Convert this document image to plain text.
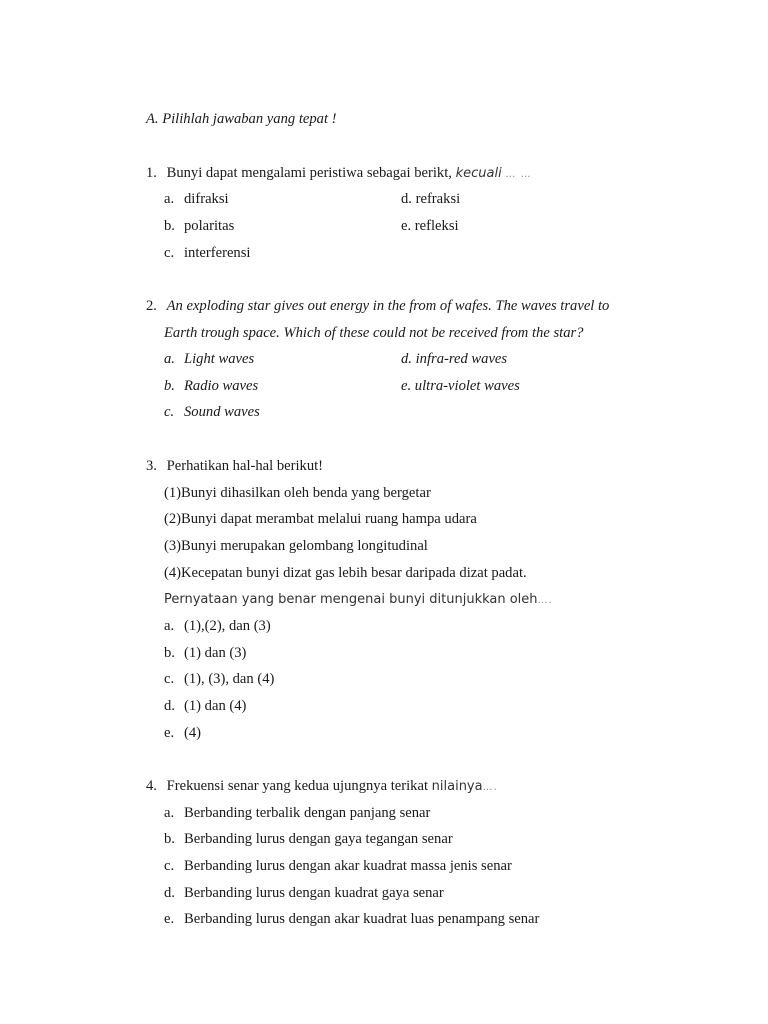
A. Pilihlah jawaban yang tepat !
1. Bunyi dapat mengalami peristiwa sebagai berikt, kecuali … …
a. difraksi
b. polaritas
c. interferensi
d. refraksi
e. refleksi
2. An exploding star gives out energy in the from of wafes. The waves travel to
Earth trough space. Which of these could not be received from the star?
a. Light waves
b. Radio waves
c. Sound waves
d. infra-red waves
e. ultra-violet waves
3. Perhatikan hal-hal berikut!
(1)Bunyi dihasilkan oleh benda yang bergetar
(2)Bunyi dapat merambat melalui ruang hampa udara
(3)Bunyi merupakan gelombang longitudinal
(4)Kecepatan bunyi dizat gas lebih besar daripada dizat padat.
Pernyataan yang benar mengenai bunyi ditunjukkan oleh….
a. (1),(2), dan (3)
b. (1) dan (3)
c. (1), (3), dan (4)
d. (1) dan (4)
e. (4)
4. Frekuensi senar yang kedua ujungnya terikat nilainya….
a. Berbanding terbalik dengan panjang senar
b. Berbanding lurus dengan gaya tegangan senar
c. Berbanding lurus dengan akar kuadrat massa jenis senar
d. Berbanding lurus dengan kuadrat gaya senar
e. Berbanding lurus dengan akar kuadrat luas penampang senar
